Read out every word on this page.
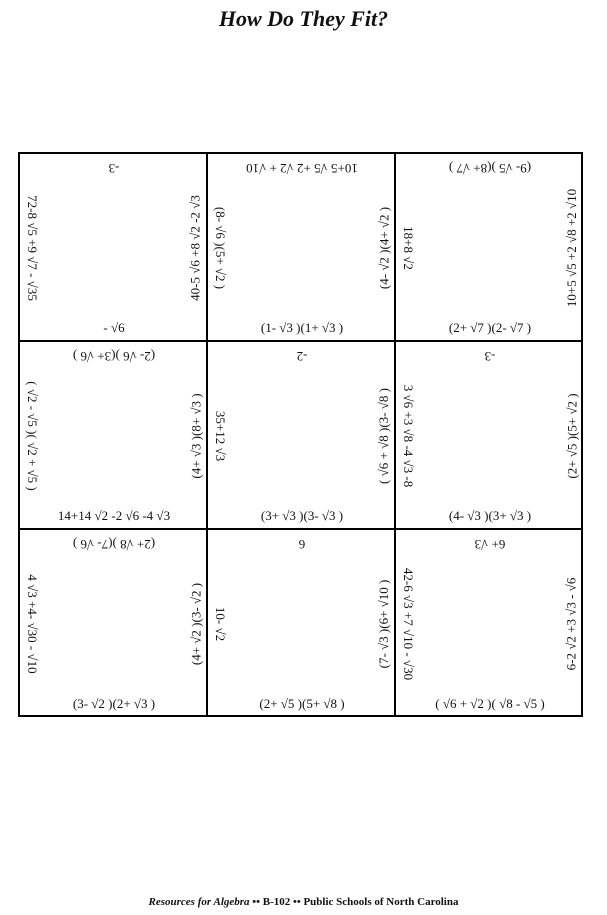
How Do They Fit?
-3
- √6
72-8 √5 +9 √7 - √35	40-5 √6 +8 √2 -2 √3
10+5 √5 +2 √2 + √10
(1- √3 )(1+ √3 )
(8- √6 )(5+ √2 )	(4- √2 )(4+ √2 )
(9- √5 )(8+ √7 )
(2+ √7 )(2- √7 )
18+8 √2	10+5 √5 +2 √8 +2 √10
(2- √6 )(3+ √6 )
14+14 √2 -2 √6 -4 √3
( √2 - √5 )( √2 + √5 )	(4+ √3 )(8+ √3 )
-2
(3+ √3 )(3- √3 )
35+12 √3	( √6 + √8 )(3- √8 )
-3
(4- √3 )(3+ √3 )
3 √6 +3 √8 -4 √3 -8	(2+ √5 )(5+ √2 )
(2+ √8 )(7- √6 )
(3- √2 )(2+ √3 )
4 √3 +4- √30 - √10	(4+ √2 )(3- √2 )
6
(2+ √5 )(5+ √8 )
10- √2	(7- √3 )(6+ √10 )
6+ √3
( √6 + √2 )( √8 - √5 )
42-6 √3 +7 √10 - √30	6-2 √2 +3 √3 - √6
Resources for Algebra •• B-102 •• Public Schools of North Carolina
